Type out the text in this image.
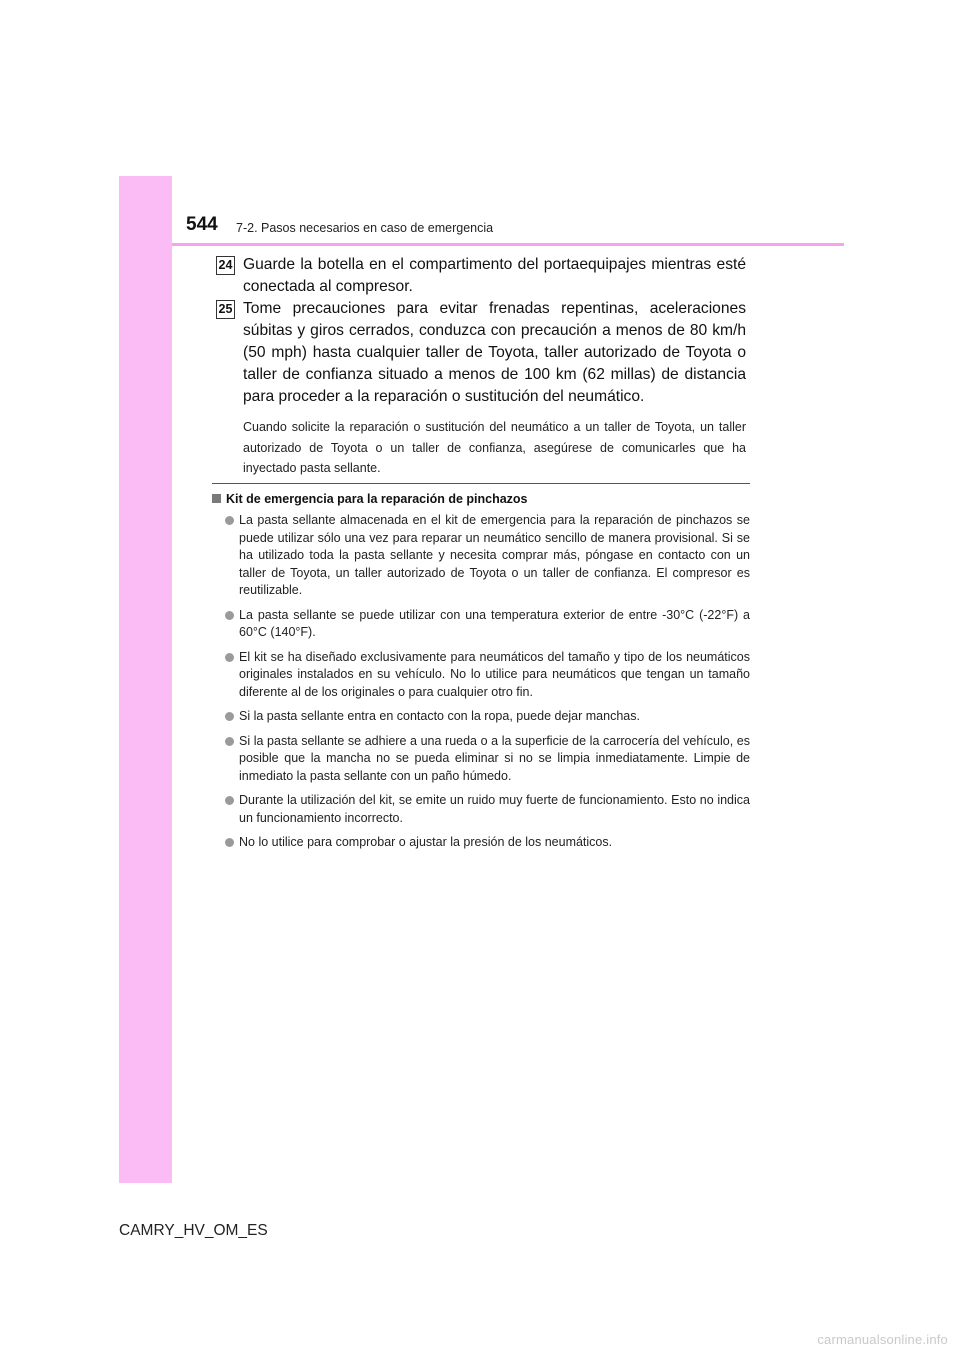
544 7-2. Pasos necesarios en caso de emergencia
24 Guarde la botella en el compartimento del portaequipajes mientras esté conectada al compresor.
25 Tome precauciones para evitar frenadas repentinas, aceleraciones súbitas y giros cerrados, conduzca con precaución a menos de 80 km/h (50 mph) hasta cualquier taller de Toyota, taller autorizado de Toyota o taller de confianza situado a menos de 100 km (62 millas) de distancia para proceder a la reparación o sustitución del neumático.
Cuando solicite la reparación o sustitución del neumático a un taller de Toyota, un taller autorizado de Toyota o un taller de confianza, asegúrese de comunicarles que ha inyectado pasta sellante.
Kit de emergencia para la reparación de pinchazos
La pasta sellante almacenada en el kit de emergencia para la reparación de pinchazos se puede utilizar sólo una vez para reparar un neumático sencillo de manera provisional. Si se ha utilizado toda la pasta sellante y necesita comprar más, póngase en contacto con un taller de Toyota, un taller autorizado de Toyota o un taller de confianza. El compresor es reutilizable.
La pasta sellante se puede utilizar con una temperatura exterior de entre -30°C (-22°F) a 60°C (140°F).
El kit se ha diseñado exclusivamente para neumáticos del tamaño y tipo de los neumáticos originales instalados en su vehículo. No lo utilice para neumáticos que tengan un tamaño diferente al de los originales o para cualquier otro fin.
Si la pasta sellante entra en contacto con la ropa, puede dejar manchas.
Si la pasta sellante se adhiere a una rueda o a la superficie de la carrocería del vehículo, es posible que la mancha no se pueda eliminar si no se limpia inmediatamente. Limpie de inmediato la pasta sellante con un paño húmedo.
Durante la utilización del kit, se emite un ruido muy fuerte de funcionamiento. Esto no indica un funcionamiento incorrecto.
No lo utilice para comprobar o ajustar la presión de los neumáticos.
CAMRY_HV_OM_ES
carmanualsonline.info
